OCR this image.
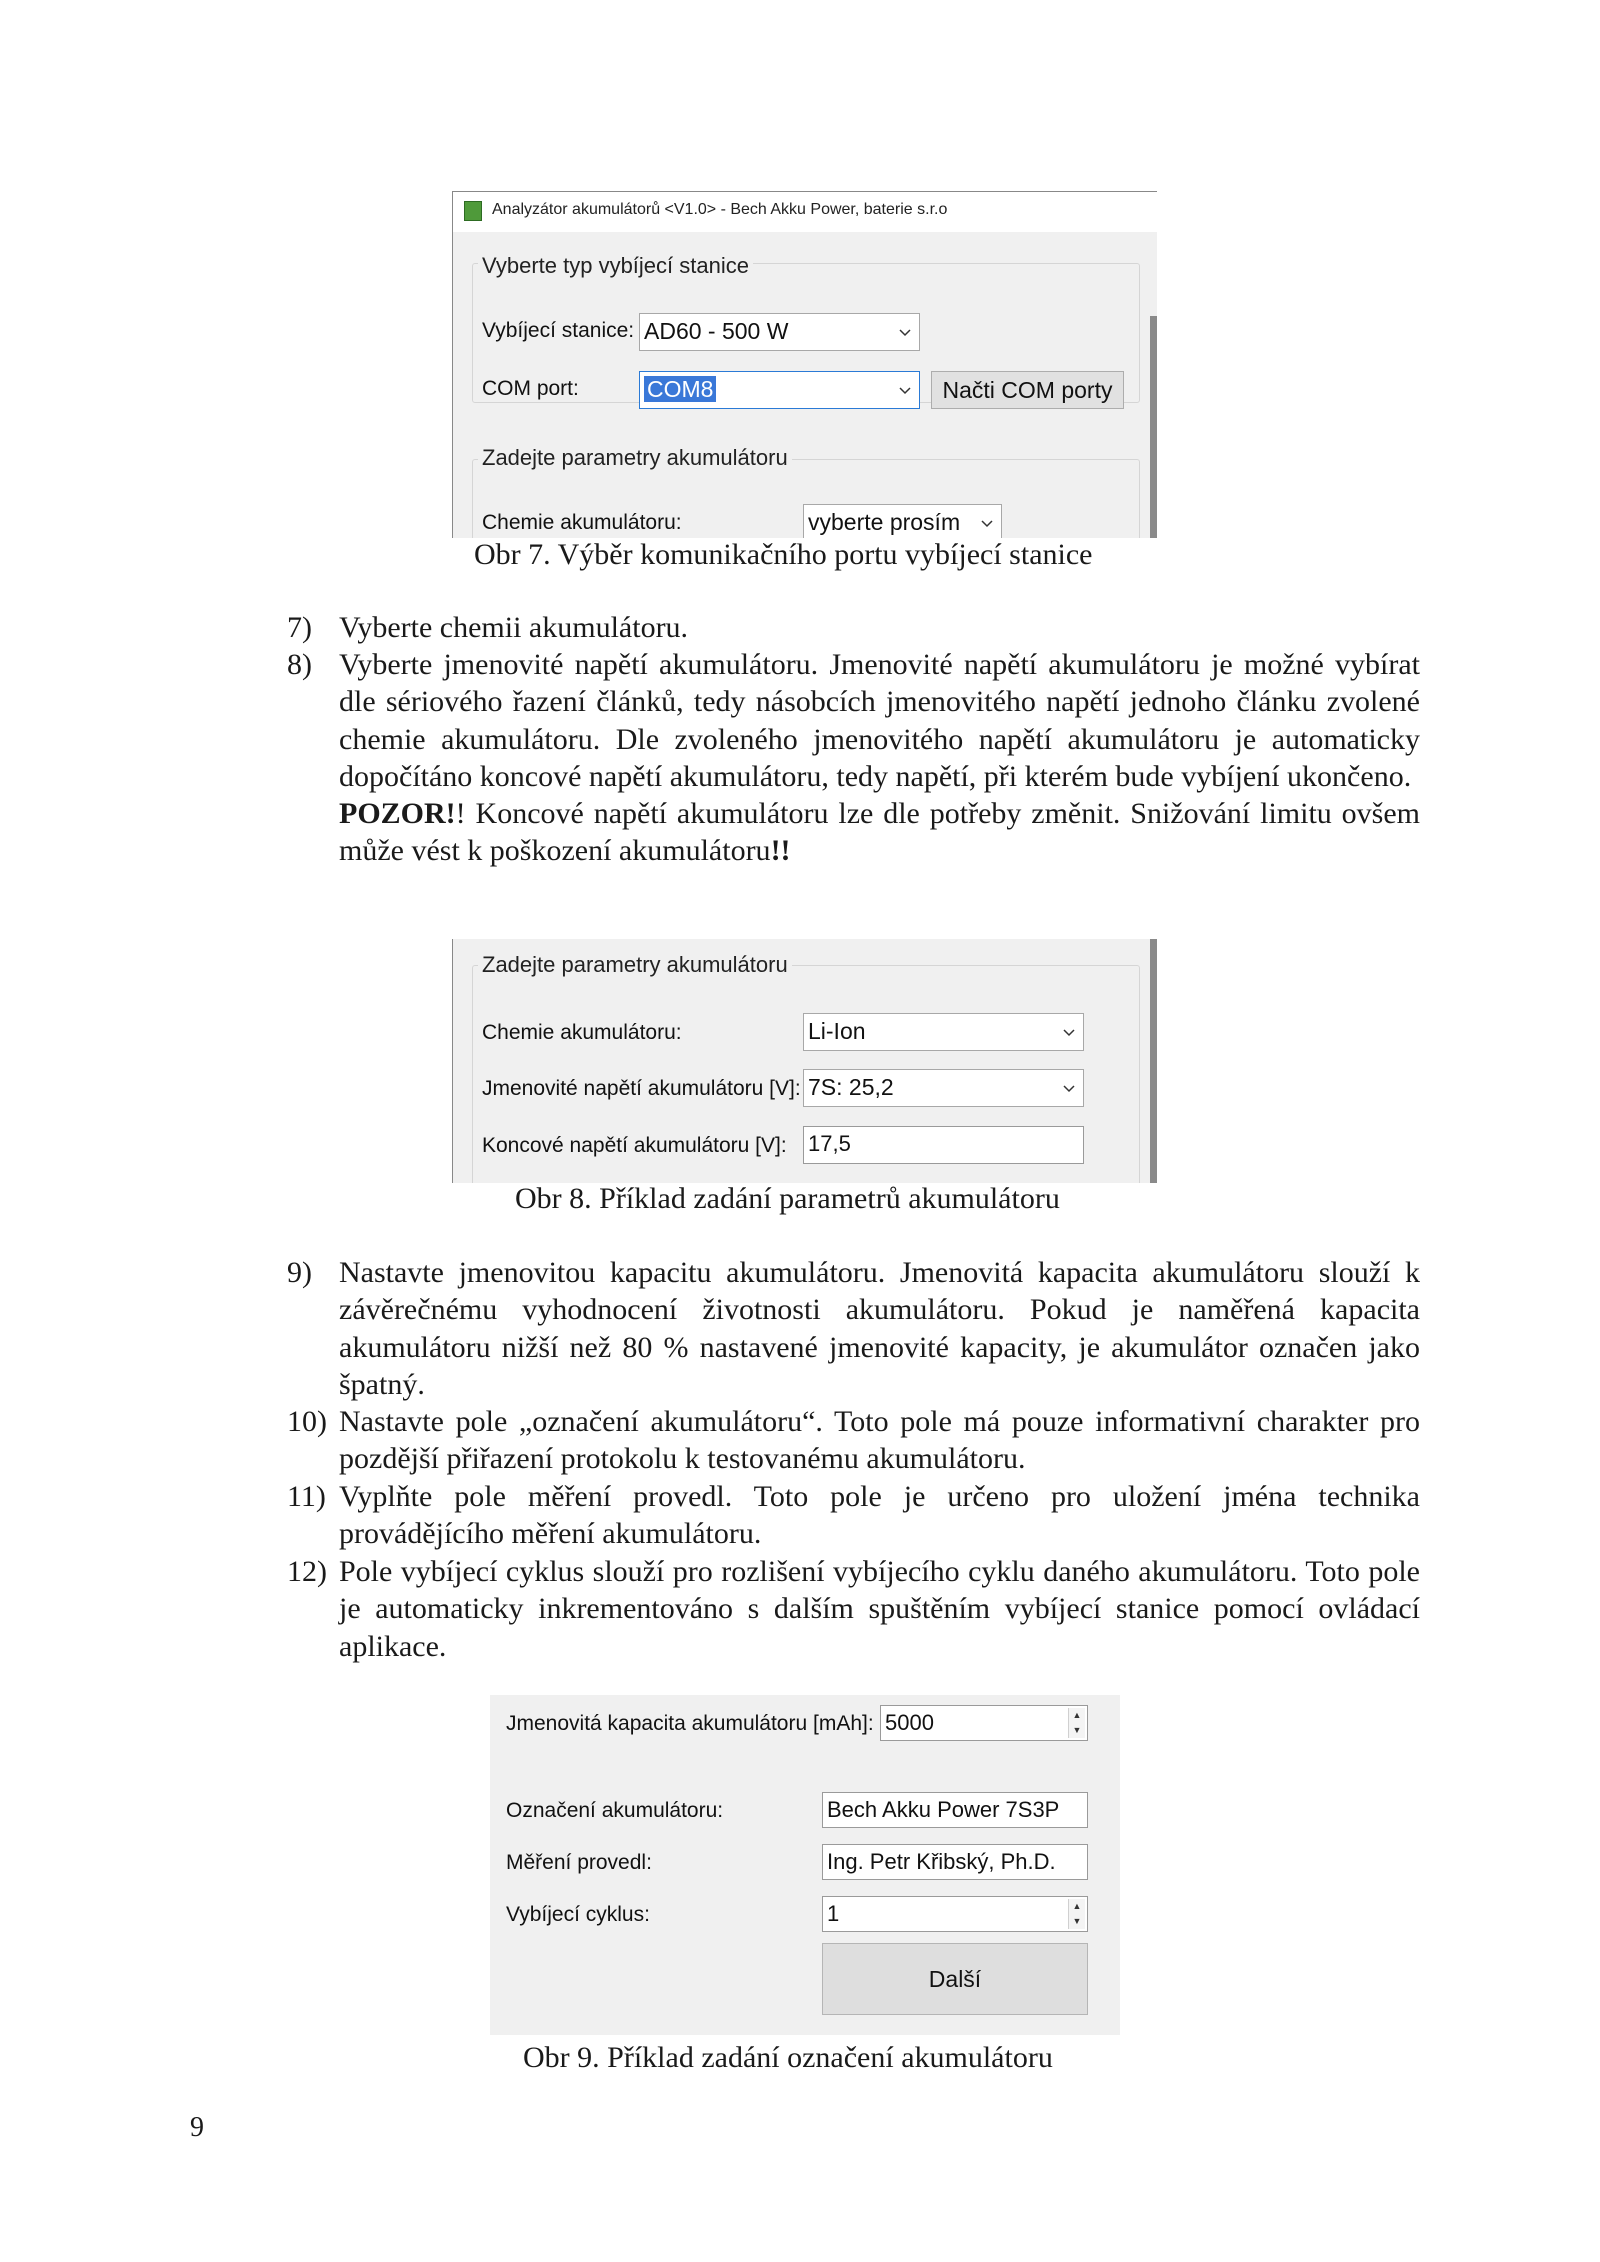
Analyzátor akumulátorů <V1.0> - Bech Akku Power, baterie s.r.o
Vyberte typ vybíjecí stanice
Vybíjecí stanice: AD60 - 500 W
COM port:	COM8	Načti COM porty
Zadejte parametry akumulátoru
Chemie akumulátoru:	vyberte prosím
Obr 7. Výběr komunikačního portu vybíjecí stanice
7) Vyberte chemii akumulátoru.

8) Vyberte jmenovité napětí akumulátoru. Jmenovité napětí akumulátoru je možné vybírat dle sériového řazení článků, tedy násobcích jmenovitého napětí jednoho článku zvolené chemie akumulátoru. Dle zvoleného jmenovitého napětí akumulátoru je automaticky dopočítáno koncové napětí akumulátoru, tedy napětí, při kterém bude vybíjení ukončeno.

POZOR!! Koncové napětí akumulátoru lze dle potřeby změnit. Snižování limitu ovšem může vést k poškození akumulátoru!!

Zadejte parametry akumulátoru
Chemie akumulátoru:	Li-Ion
Jmenovité napětí akumulátoru [V]: 7S: 25,2
Koncové napětí akumulátoru [V]: 17,5
Obr 8. Příklad zadání parametrů akumulátoru
9) Nastavte jmenovitou kapacitu akumulátoru. Jmenovitá kapacita akumulátoru slouží k závěrečnému vyhodnocení životnosti akumulátoru. Pokud je naměřená kapacita akumulátoru nižší než 80 % nastavené jmenovité kapacity, je akumulátor označen jako špatný.

10) Nastavte pole „označení akumulátoru“. Toto pole má pouze informativní charakter pro pozdější přiřazení protokolu k testovanému akumulátoru.

11) Vyplňte pole měření provedl. Toto pole je určeno pro uložení jména technika provádějícího měření akumulátoru.

12) Pole vybíjecí cyklus slouží pro rozlišení vybíjecího cyklu daného akumulátoru. Toto pole je automaticky inkrementováno s dalším spuštěním vybíjecí stanice pomocí ovládací aplikace.

Jmenovitá kapacita akumulátoru [mAh]: 5000	▲
▼
Označení akumulátoru:	Bech Akku Power 7S3P
Měření provedl:	Ing. Petr Křibský, Ph.D.
Vybíjecí cyklus:	1	▲
▼
Další
Obr 9. Příklad zadání označení akumulátoru
9
